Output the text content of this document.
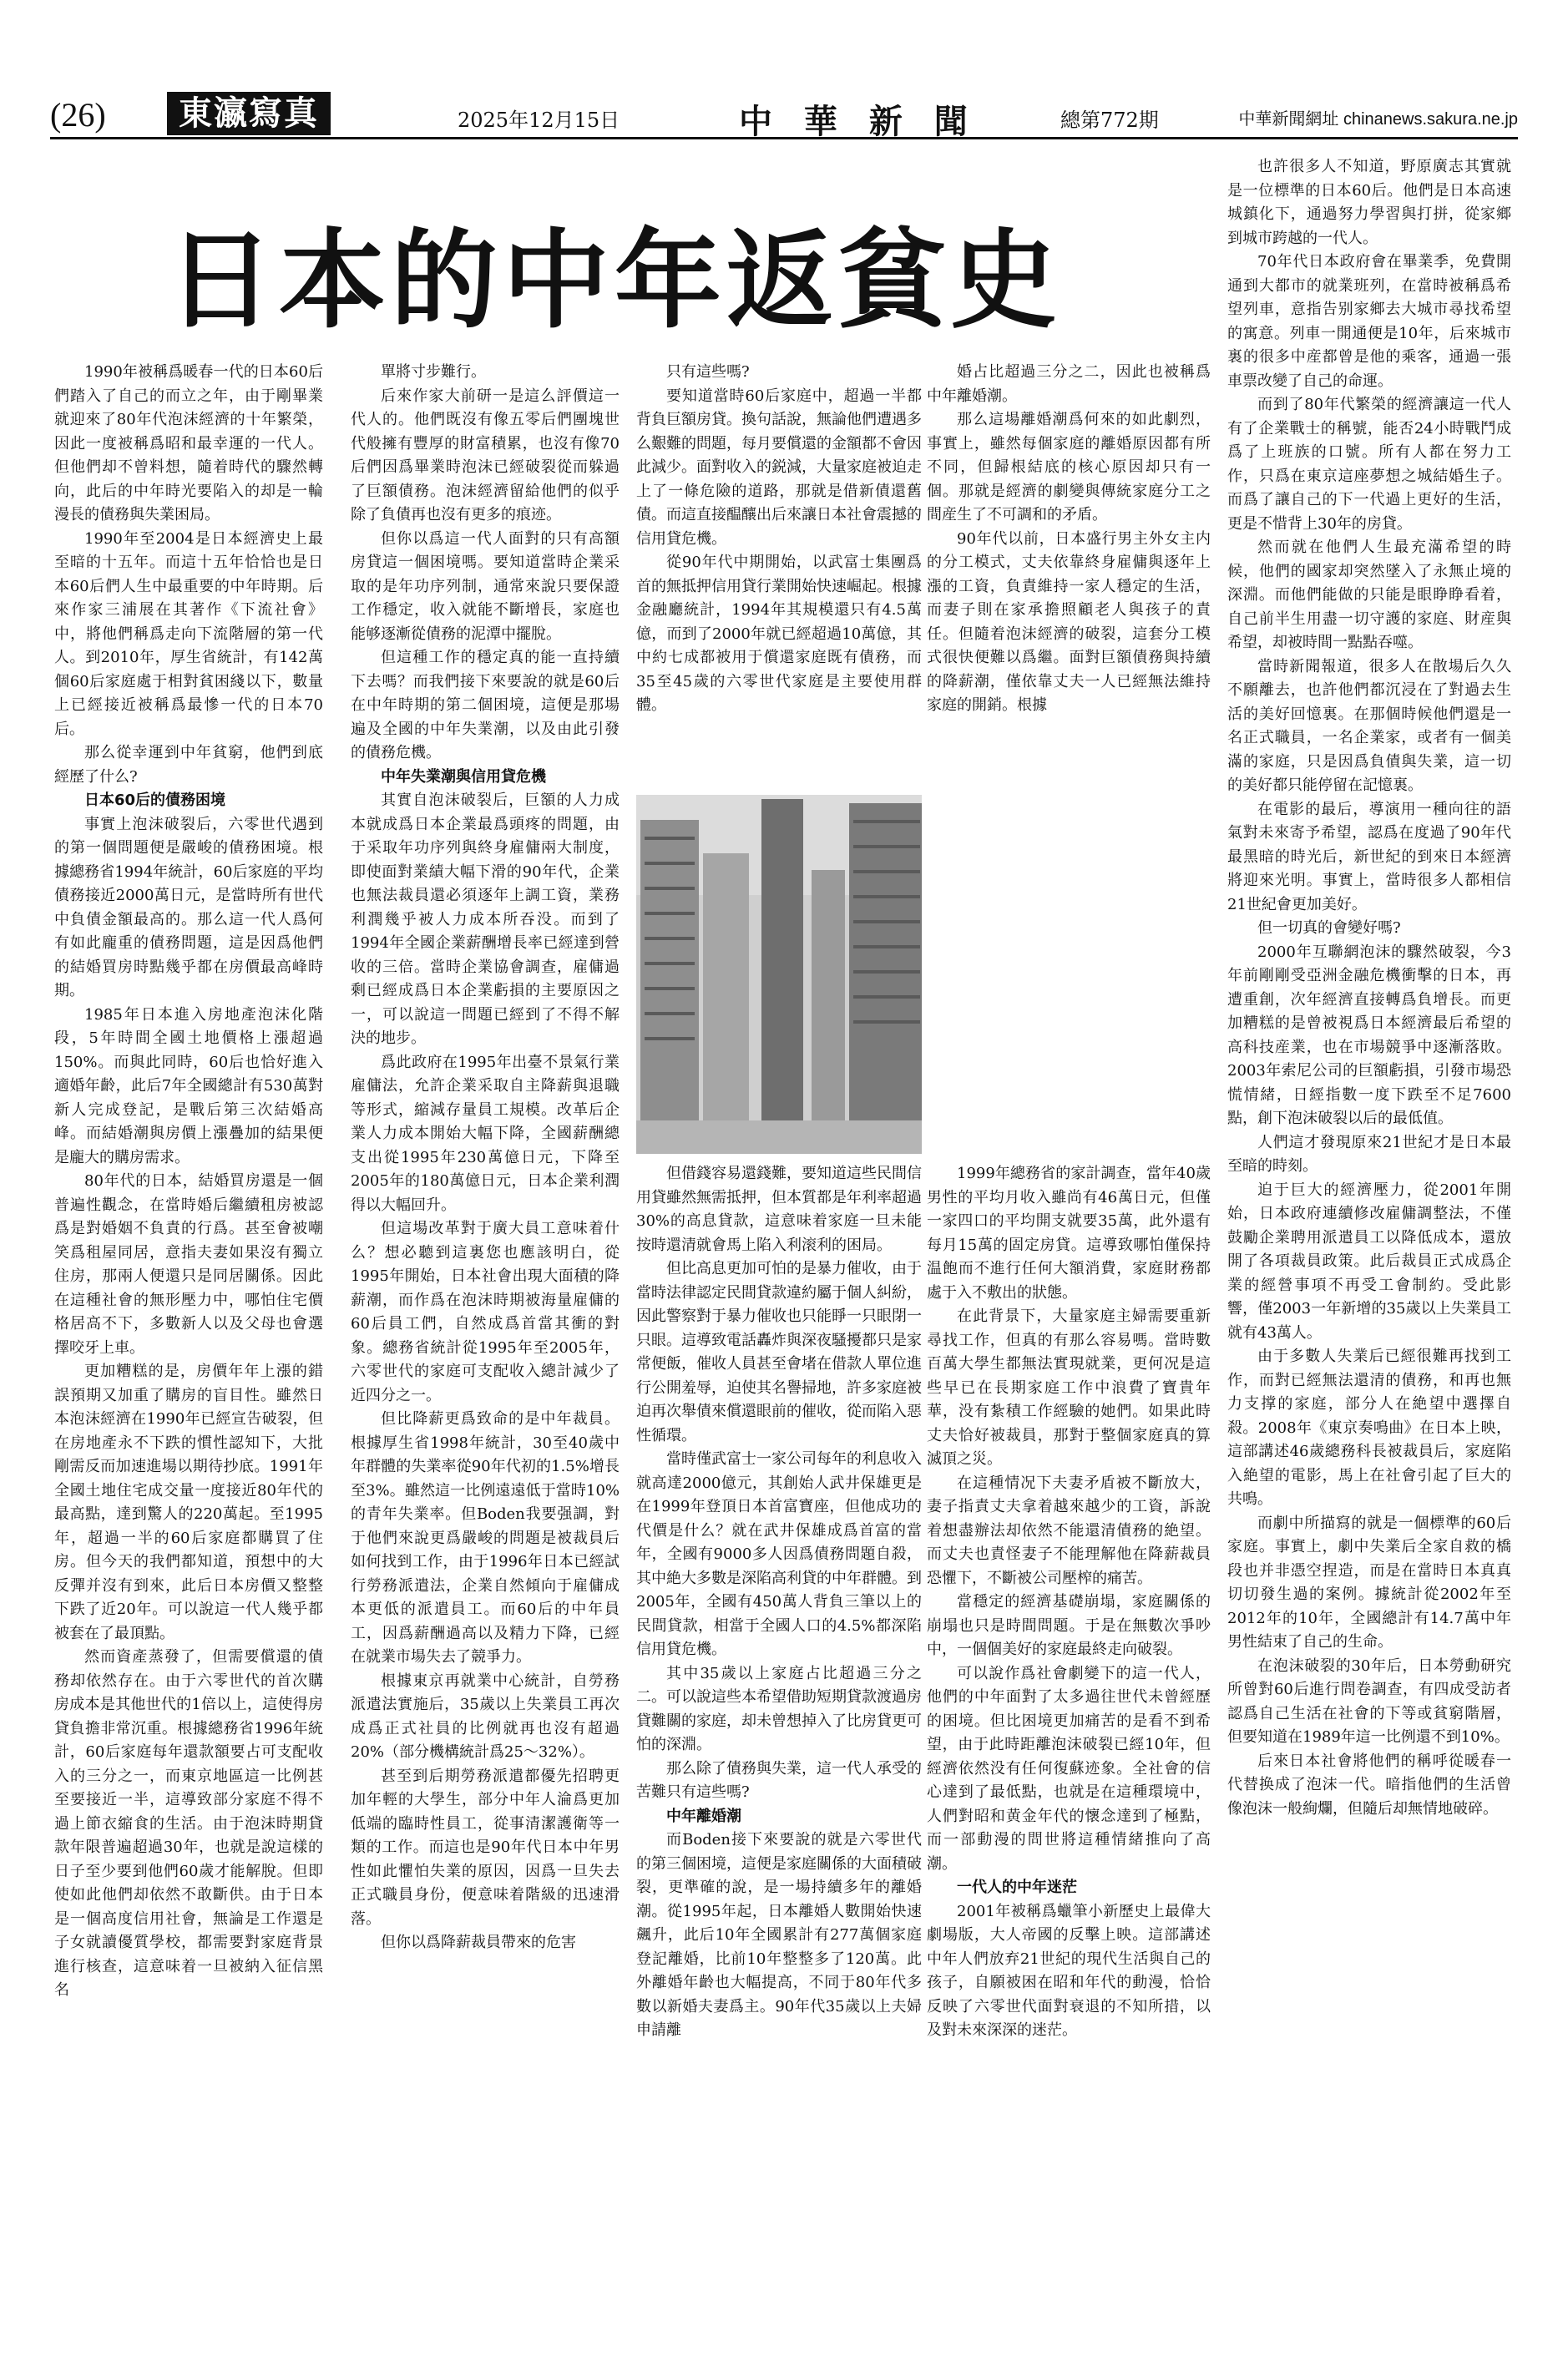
(26)	東瀛寫真	2025年12月15日	中 華 新 聞	總第772期	中華新聞網址 chinanews.sakura.ne.jp
日本的中年返貧史

1990年被稱爲暖春一代的日本60后們踏入了自己的而立之年，由于剛畢業就迎來了80年代泡沫經濟的十年繁榮，因此一度被稱爲昭和最幸運的一代人。但他們却不曾料想，隨着時代的驟然轉向，此后的中年時光要陷入的却是一輪漫長的債務與失業困局。

1990年至2004是日本經濟史上最至暗的十五年。而這十五年恰恰也是日本60后們人生中最重要的中年時期。后來作家三浦展在其著作《下流社會》中，將他們稱爲走向下流階層的第一代人。到2010年，厚生省統計，有142萬個60后家庭處于相對貧困綫以下，數量上已經接近被稱爲最慘一代的日本70后。

那么從幸運到中年貧窮，他們到底經歷了什么?

日本60后的債務困境

事實上泡沫破裂后，六零世代遇到的第一個問題便是嚴峻的債務困境。根據總務省1994年統計，60后家庭的平均債務接近2000萬日元，是當時所有世代中負債金額最高的。那么這一代人爲何有如此龐重的債務問題，這是因爲他們的結婚買房時點幾乎都在房價最高峰時期。

1985年日本進入房地產泡沫化階段，5年時間全國土地價格上漲超過150%。而與此同時，60后也恰好進入適婚年齡，此后7年全國總計有530萬對新人完成登記，是戰后第三次結婚高峰。而結婚潮與房價上漲疊加的結果便是龐大的購房需求。

80年代的日本，結婚買房還是一個普遍性觀念，在當時婚后繼續租房被認爲是對婚姻不負責的行爲。甚至會被嘲笑爲租屋同居，意指夫妻如果沒有獨立住房，那兩人便還只是同居關係。因此在這種社會的無形壓力中，哪怕住宅價格居高不下，多數新人以及父母也會選擇咬牙上車。

更加糟糕的是，房價年年上漲的錯誤預期又加重了購房的盲目性。雖然日本泡沫經濟在1990年已經宣告破裂，但在房地產永不下跌的慣性認知下，大批剛需反而加速進場以期待抄底。1991年全國土地住宅成交量一度接近80年代的最高點，達到驚人的220萬起。至1995年，超過一半的60后家庭都購買了住房。但今天的我們都知道，預想中的大反彈并沒有到來，此后日本房價又整整下跌了近20年。可以說這一代人幾乎都被套在了最頂點。

然而資產蒸發了，但需要償還的債務却依然存在。由于六零世代的首次購房成本是其他世代的1倍以上，這使得房貸負擔非常沉重。根據總務省1996年統計，60后家庭每年還款額要占可支配收入的三分之一，而東京地區這一比例甚至要接近一半，這導致部分家庭不得不過上節衣縮食的生活。由于泡沫時期貸款年限普遍超過30年，也就是說這樣的日子至少要到他們60歲才能解脫。但即使如此他們却依然不敢斷供。由于日本是一個高度信用社會，無論是工作還是子女就讀優質學校，都需要對家庭背景進行核查，這意味着一旦被納入征信黑名

單將寸步難行。

后來作家大前研一是這么評價這一代人的。他們既沒有像五零后們團塊世代般擁有豐厚的財富積累，也沒有像70后們因爲畢業時泡沫已經破裂從而躲過了巨額債務。泡沫經濟留給他們的似乎除了負債再也沒有更多的痕迹。

但你以爲這一代人面對的只有高額房貸這一個困境嗎。要知道當時企業采取的是年功序列制，通常來說只要保證工作穩定，收入就能不斷增長，家庭也能够逐漸從債務的泥潭中擺脫。

但這種工作的穩定真的能一直持續下去嗎？而我們接下來要說的就是60后在中年時期的第二個困境，這便是那場遍及全國的中年失業潮，以及由此引發的債務危機。

中年失業潮與信用貸危機

其實自泡沫破裂后，巨額的人力成本就成爲日本企業最爲頭疼的問題，由于采取年功序列與終身雇傭兩大制度，即使面對業績大幅下滑的90年代，企業也無法裁員還必須逐年上調工資，業務利潤幾乎被人力成本所吞没。而到了1994年全國企業薪酬增長率已經達到營收的三倍。當時企業協會調查，雇傭過剩已經成爲日本企業虧損的主要原因之一，可以說這一問題已經到了不得不解決的地步。

爲此政府在1995年出臺不景氣行業雇傭法，允許企業采取自主降薪與退職等形式，縮減存量員工規模。改革后企業人力成本開始大幅下降，全國薪酬總支出從1995年230萬億日元，下降至2005年的180萬億日元，日本企業利潤得以大幅回升。

但這場改革對于廣大員工意味着什么？想必聽到這裏您也應該明白，從1995年開始，日本社會出現大面積的降薪潮，而作爲在泡沫時期被海量雇傭的60后員工們，自然成爲首當其衝的對象。總務省統計從1995年至2005年，六零世代的家庭可支配收入總計減少了近四分之一。

但比降薪更爲致命的是中年裁員。根據厚生省1998年統計，30至40歲中年群體的失業率從90年代初的1.5%增長至3%。雖然這一比例遠遠低于當時10%的青年失業率。但Boden我要强調，對于他們來說更爲嚴峻的問題是被裁員后如何找到工作，由于1996年日本已經試行勞務派遣法，企業自然傾向于雇傭成本更低的派遣員工。而60后的中年員工，因爲薪酬過高以及精力下降，已經在就業市場失去了競爭力。

根據東京再就業中心統計，自勞務派遣法實施后，35歲以上失業員工再次成爲正式社員的比例就再也沒有超過20%（部分機構統計爲25～32%）。

甚至到后期勞務派遣都優先招聘更加年輕的大學生，部分中年人淪爲更加低端的臨時性員工，從事清潔護衛等一類的工作。而這也是90年代日本中年男性如此懼怕失業的原因，因爲一旦失去正式職員身份，便意味着階級的迅速滑落。

但你以爲降薪裁員帶來的危害

只有這些嗎?

要知道當時60后家庭中，超過一半都背負巨額房貸。換句話說，無論他們遭遇多么艱難的問題，每月要償還的金額都不會因此減少。面對收入的鋭減，大量家庭被迫走上了一條危險的道路，那就是借新債還舊債。而這直接醖釀出后來讓日本社會震撼的信用貸危機。

從90年代中期開始，以武富士集團爲首的無抵押信用貸行業開始快速崛起。根據金融廳統計，1994年其規模還只有4.5萬億，而到了2000年就已經超過10萬億，其中約七成都被用于償還家庭既有債務，而35至45歲的六零世代家庭是主要使用群體。

但借錢容易還錢難，要知道這些民間信用貸雖然無需抵押，但本質都是年利率超過30%的高息貸款，這意味着家庭一旦未能按時還清就會馬上陷入利滚利的困局。

但比高息更加可怕的是暴力催收，由于當時法律認定民間貸款違約屬于個人糾紛，因此警察對于暴力催收也只能睜一只眼閉一只眼。這導致電話轟炸與深夜騷擾都只是家常便飯，催收人員甚至會堵在借款人單位進行公開羞辱，迫使其名譽掃地，許多家庭被迫再次舉債來償還眼前的催收，從而陷入惡性循環。

當時僅武富士一家公司每年的利息收入就高達2000億元，其創始人武井保雄更是在1999年登頂日本首富寶座，但他成功的代價是什么？就在武井保雄成爲首富的當年，全國有9000多人因爲債務問題自殺，其中絶大多數是深陷高利貸的中年群體。到2005年，全國有450萬人背負三筆以上的民間貸款，相當于全國人口的4.5%都深陷信用貸危機。

其中35歲以上家庭占比超過三分之二。可以說這些本希望借助短期貸款渡過房貸難關的家庭，却未曾想掉入了比房貸更可怕的深淵。

那么除了債務與失業，這一代人承受的苦難只有這些嗎?

中年離婚潮

而Boden接下來要說的就是六零世代的第三個困境，這便是家庭關係的大面積破裂，更準確的說，是一場持續多年的離婚潮。從1995年起，日本離婚人數開始快速飆升，此后10年全國累計有277萬個家庭登記離婚，比前10年整整多了120萬。此外離婚年齡也大幅提高，不同于80年代多數以新婚夫妻爲主。90年代35歲以上夫婦申請離

婚占比超過三分之二，因此也被稱爲中年離婚潮。

那么這場離婚潮爲何來的如此劇烈，事實上，雖然每個家庭的離婚原因都有所不同，但歸根結底的核心原因却只有一個。那就是經濟的劇變與傳統家庭分工之間産生了不可調和的矛盾。

90年代以前，日本盛行男主外女主内的分工模式，丈夫依靠終身雇傭與逐年上漲的工資，負責維持一家人穩定的生活，而妻子則在家承擔照顧老人與孩子的責任。但隨着泡沫經濟的破裂，這套分工模式很快便難以爲繼。面對巨額債務與持續的降薪潮，僅依靠丈夫一人已經無法維持家庭的開銷。根據

1999年總務省的家計調查，當年40歲男性的平均月收入雖尚有46萬日元，但僅一家四口的平均開支就要35萬，此外還有每月15萬的固定房貸。這導致哪怕僅保持温飽而不進行任何大額消費，家庭財務都處于入不敷出的狀態。

在此背景下，大量家庭主婦需要重新尋找工作，但真的有那么容易嗎。當時數百萬大學生都無法實現就業，更何况是這些早已在長期家庭工作中浪費了寶貴年華，没有紮積工作經驗的她們。如果此時丈夫恰好被裁員，那對于整個家庭真的算滅頂之災。

在這種情况下夫妻矛盾被不斷放大，妻子指責丈夫拿着越來越少的工資，訴說着想盡辦法却依然不能還清債務的絶望。而丈夫也責怪妻子不能理解他在降薪裁員恐懼下，不斷被公司壓榨的痛苦。

當穩定的經濟基礎崩塌，家庭關係的崩塌也只是時間問題。于是在無數次爭吵中，一個個美好的家庭最終走向破裂。

可以說作爲社會劇變下的這一代人，他們的中年面對了太多過往世代未曾經歷的困境。但比困境更加痛苦的是看不到希望，由于此時距離泡沫破裂已經10年，但經濟依然没有任何復蘇迹象。全社會的信心達到了最低點，也就是在這種環境中，人們對昭和黄金年代的懷念達到了極點，而一部動漫的問世將這種情緒推向了高潮。

一代人的中年迷茫

2001年被稱爲蠟筆小新歷史上最偉大劇場版，大人帝國的反擊上映。這部講述中年人們放弃21世紀的現代生活與自己的孩子，自願被困在昭和年代的動漫，恰恰反映了六零世代面對衰退的不知所措，以及對未來深深的迷茫。

也許很多人不知道，野原廣志其實就是一位標準的日本60后。他們是日本高速城鎮化下，通過努力學習與打拼，從家鄉到城市跨越的一代人。

70年代日本政府會在畢業季，免費開通到大都市的就業班列，在當時被稱爲希望列車，意指告别家鄉去大城市尋找希望的寓意。列車一開通便是10年，后來城市裏的很多中産都曾是他的乘客，通過一張車票改變了自己的命運。

而到了80年代繁榮的經濟讓這一代人有了企業戰士的稱號，能否24小時戰鬥成爲了上班族的口號。所有人都在努力工作，只爲在東京這座夢想之城結婚生子。而爲了讓自己的下一代過上更好的生活，更是不惜背上30年的房貸。

然而就在他們人生最充滿希望的時候，他們的國家却突然墜入了永無止境的深淵。而他們能做的只能是眼睁睁看着，自己前半生用盡一切守護的家庭、財産與希望，却被時間一點點吞噬。

當時新聞報道，很多人在散場后久久不願離去，也許他們都沉浸在了對過去生活的美好回憶裏。在那個時候他們還是一名正式職員，一名企業家，或者有一個美滿的家庭，只是因爲負債與失業，這一切的美好都只能停留在記憶裏。

在電影的最后，導演用一種向往的語氣對未來寄予希望，認爲在度過了90年代最黑暗的時光后，新世紀的到來日本經濟將迎來光明。事實上，當時很多人都相信21世紀會更加美好。

但一切真的會變好嗎?

2000年互聯網泡沫的驟然破裂，今3年前剛剛受亞洲金融危機衝擊的日本，再遭重創，次年經濟直接轉爲負增長。而更加糟糕的是曾被視爲日本經濟最后希望的高科技産業，也在市場競爭中逐漸落敗。2003年索尼公司的巨額虧損，引發市場恐慌情緒，日經指數一度下跌至不足7600點，創下泡沫破裂以后的最低值。

人們這才發現原來21世紀才是日本最至暗的時刻。

迫于巨大的經濟壓力，從2001年開始，日本政府連續修改雇傭調整法，不僅鼓勵企業聘用派遣員工以降低成本，還放開了各項裁員政策。此后裁員正式成爲企業的經營事項不再受工會制約。受此影響，僅2003一年新增的35歲以上失業員工就有43萬人。

由于多數人失業后已經很難再找到工作，而對已經無法還清的債務，和再也無力支撑的家庭，部分人在絶望中選擇自殺。2008年《東京奏鳴曲》在日本上映，這部講述46歲總務科長被裁員后，家庭陷入絶望的電影，馬上在社會引起了巨大的共鳴。

而劇中所描寫的就是一個標準的60后家庭。事實上，劇中失業后全家自救的橋段也并非憑空捏造，而是在當時日本真真切切發生過的案例。據統計從2002年至2012年的10年，全國總計有14.7萬中年男性結束了自己的生命。

在泡沫破裂的30年后，日本勞動研究所曾對60后進行問卷調查，有四成受訪者認爲自己生活在社會的下等或貧窮階層，但要知道在1989年這一比例還不到10%。

后來日本社會將他們的稱呼從暖春一代替换成了泡沫一代。暗指他們的生活曾像泡沫一般絢爛，但隨后却無情地破碎。
